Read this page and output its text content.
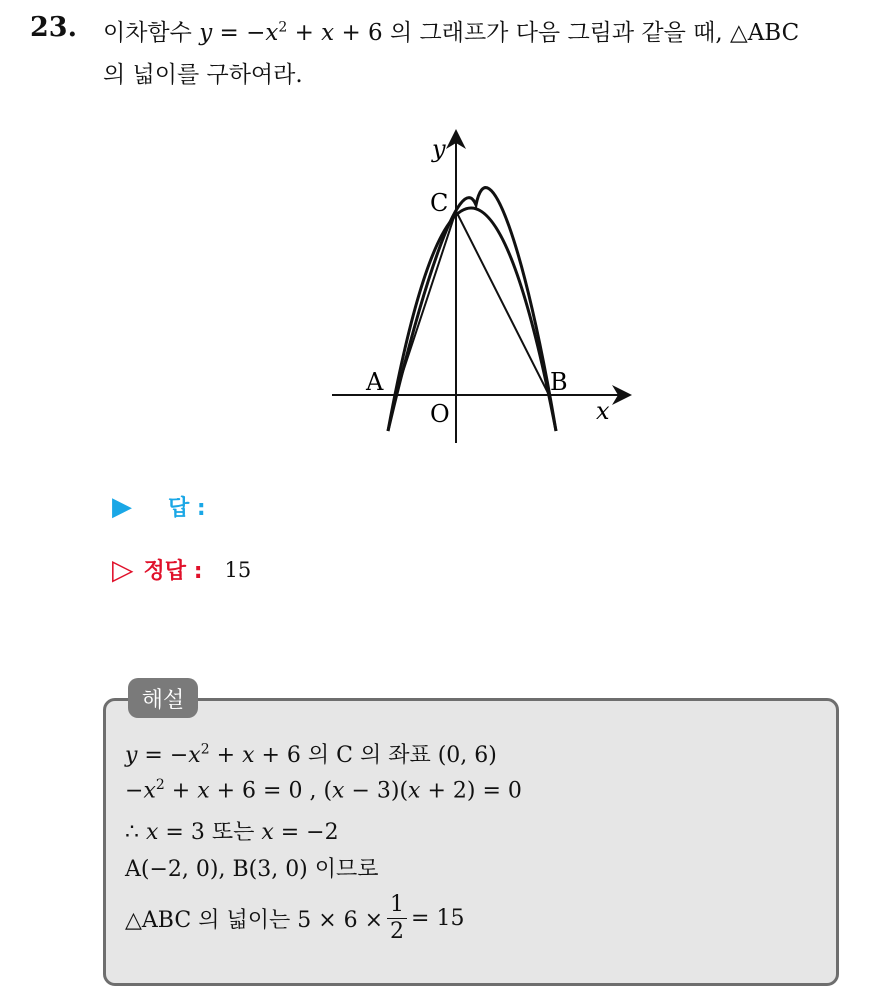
23. 이차함수 $y = -x^2 + x + 6$ 의 그래프가 다음 그림과 같을 때, △ABC
의 넓이를 구하여라.
y
x
C
A	B
O
▶ 답 :
▷ 정답 : 15
해설
$y = -x^2 + x + 6$ 의 C 의 좌표 (0, 6)
$-x^2 + x + 6 = 0$ , (x − 3)(x + 2) = 0
∴ x = 3 또는 x = −2
A(−2, 0), B(3, 0) 이므로
△ABC 의 넓이는 $5 \times 6 \times \frac{1}{2} = 15$
